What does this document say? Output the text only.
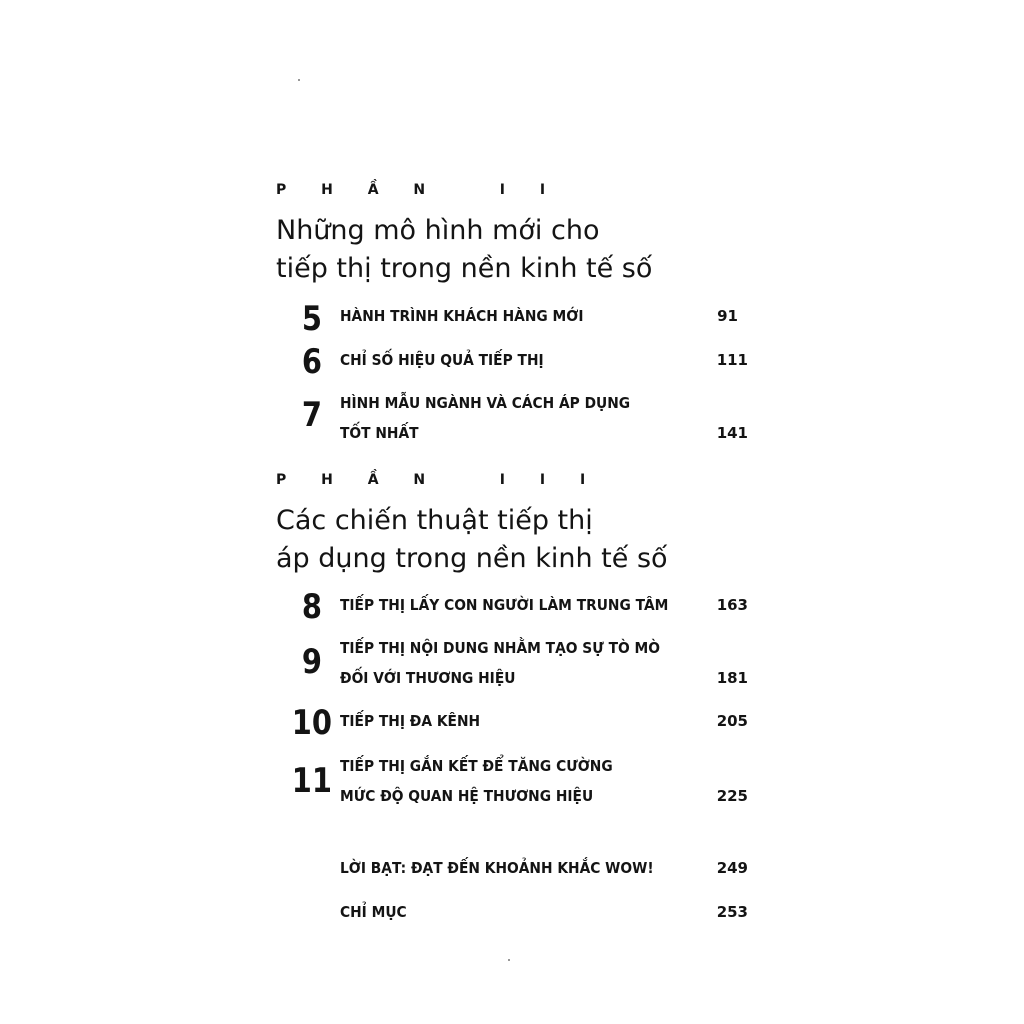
P H Ầ N   I I
Những mô hình mới cho
tiếp thị trong nền kinh tế số
5 HÀNH TRÌNH KHÁCH HÀNG MỚI	91
6 CHỈ SỐ HIỆU QUẢ TIẾP THỊ	111
7 HÌNH MẪU NGÀNH VÀ CÁCH ÁP DỤNG
TỐT NHẤT	141
P H Ầ N   I I I
Các chiến thuật tiếp thị
áp dụng trong nền kinh tế số
8 TIẾP THỊ LẤY CON NGƯỜI LÀM TRUNG TÂM	163
9 TIẾP THỊ NỘI DUNG NHẰM TẠO SỰ TÒ MÒ
ĐỐI VỚI THƯƠNG HIỆU	181
10 TIẾP THỊ ĐA KÊNH	205
11 TIẾP THỊ GẮN KẾT ĐỂ TĂNG CƯỜNG
MỨC ĐỘ QUAN HỆ THƯƠNG HIỆU	225
LỜI BẠT: ĐẠT ĐẾN KHOẢNH KHẮC WOW!	249
CHỈ MỤC	253
